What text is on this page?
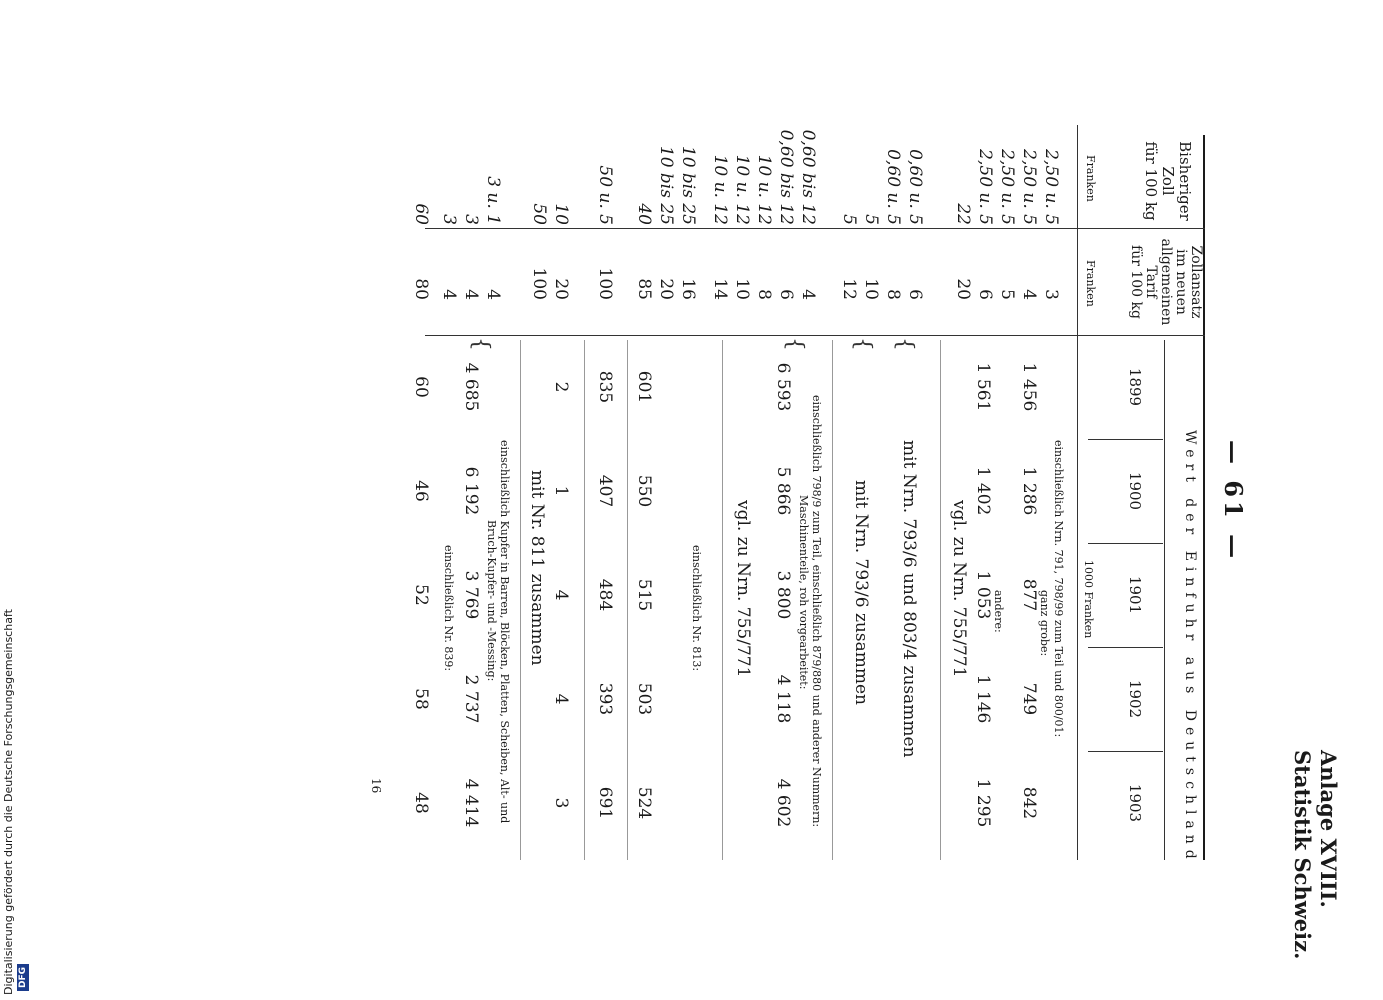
Digitalisierung gefördert durch die Deutsche Forschungsgemeinschaft DFG
Anlage XVIII.
Statistik Schweiz.
— 61 —
Bisheriger
Zoll
für 100 kg
Franken
Zollansatz
im neuen
allgemeinen
Tarif
für 100 kg
Franken
Wert der Einfuhr aus Deutschland
1899
1900
1901
1902
1903
1000 Franken
einschließlich Nrn. 791, 798/99 zum Teil und 800/01:
ganz grobe:
andere:
2,50 u. 5
2,50 u. 5
2,50 u. 5
2,50 u. 5
22
3
4
5
6
20
1 456
1 286
877
749
842
1 561
1 402
1 053
1 146
1 295
vgl. zu Nrn. 755/771
0,60 u. 5
0,60 u. 5
5
5
6
8
10
12
{
mit Nrn. 793/6 und 803/4 zusammen
{
mit Nrn. 793/6 zusammen
einschließlich 798/9 zum Teil, einschließlich 879/880 und anderer Nummern:
Maschinenteile, roh vorgearbeitet:
0,60 bis 12
0,60 bis 12
10 u. 12
10 u. 12
10 u. 12
4
6
8
10
14
{
6 593
5 866
3 800
4 118
4 602
vgl. zu Nrn. 755/771
einschließlich Nr. 813:
10 bis 25
10 bis 25
40
16
20
85
601
550
515
503
524
50 u. 5
100
835
407
484
393
691
10
50
20
100
2
1
4
4
3
mit Nr. 811 zusammen
einschließlich Kupfer in Barren, Blöcken, Platten, Scheiben, Alt- und
Bruch-Kupfer- und -Messing:
3 u. 1
3
3
4
4
4
{
4 685
6 192
3 769
2 737
4 414
einschließlich Nr. 839:
60
80
60
46
52
58
48
16
